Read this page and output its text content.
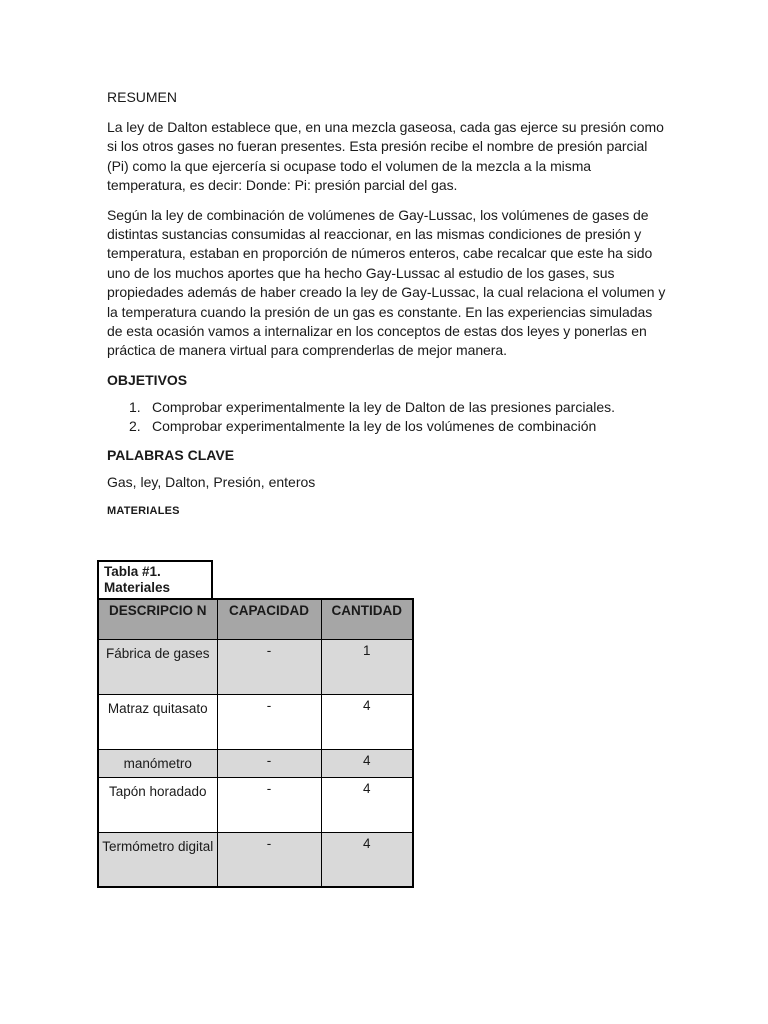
RESUMEN

La ley de Dalton establece que, en una mezcla gaseosa, cada gas ejerce su presión como si los otros gases no fueran presentes. Esta presión recibe el nombre de presión parcial (Pi) como la que ejercería si ocupase todo el volumen de la mezcla a la misma temperatura, es decir: Donde: Pi: presión parcial del gas.

Según la ley de combinación de volúmenes de Gay-Lussac, los volúmenes de gases de distintas sustancias consumidas al reaccionar, en las mismas condiciones de presión y temperatura, estaban en proporción de números enteros, cabe recalcar que este ha sido uno de los muchos aportes que ha hecho Gay-Lussac al estudio de los gases, sus propiedades además de haber creado la ley de Gay-Lussac, la cual relaciona el volumen y la temperatura cuando la presión de un gas es constante. En las experiencias simuladas de esta ocasión vamos a internalizar en los conceptos de estas dos leyes y ponerlas en práctica de manera virtual para comprenderlas de mejor manera.

OBJETIVOS
1. Comprobar experimentalmente la ley de Dalton de las presiones parciales.
2. Comprobar experimentalmente la ley de los volúmenes de combinación
PALABRAS CLAVE

Gas, ley, Dalton, Presión, enteros

MATERIALES
Tabla #1.
Materiales
DESCRIPCIO N	CAPACIDAD	CANTIDAD
Fábrica de gases	-	1
Matraz quitasato	-	4
manómetro	-	4
Tapón horadado	-	4
Termómetro digital	-	4
